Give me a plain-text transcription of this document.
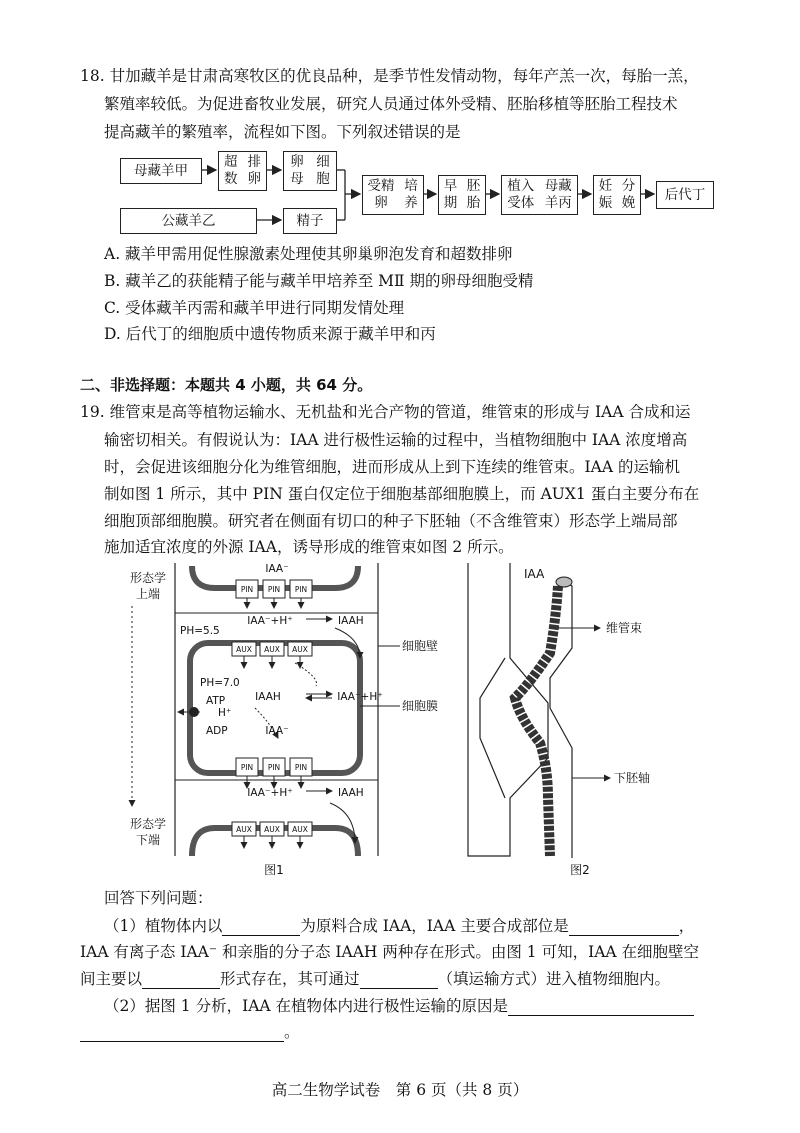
18. 甘加藏羊是甘肃高寒牧区的优良品种，是季节性发情动物，每年产羔一次，每胎一羔，
繁殖率较低。为促进畜牧业发展，研究人员通过体外受精、胚胎移植等胚胎工程技术
提高藏羊的繁殖率，流程如下图。下列叙述错误的是
母藏羊甲
超数

排卵
卵母

细胞
公藏羊乙	精子
受精卵

培养
早期

胚胎
植入受体

母藏羊丙
妊娠

分娩
后代丁
A. 藏羊甲需用促性腺激素处理使其卵巢卵泡发育和超数排卵
B. 藏羊乙的获能精子能与藏羊甲培养至 MⅡ 期的卵母细胞受精
C. 受体藏羊丙需和藏羊甲进行同期发情处理
D. 后代丁的细胞质中遗传物质来源于藏羊甲和丙
二、非选择题：本题共 4 小题，共 64 分。
19. 维管束是高等植物运输水、无机盐和光合产物的管道，维管束的形成与 IAA 合成和运
输密切相关。有假说认为：IAA 进行极性运输的过程中，当植物细胞中 IAA 浓度增高
时，会促进该细胞分化为维管细胞，进而形成从上到下连续的维管束。IAA 的运输机
制如图 1 所示，其中 PIN 蛋白仅定位于细胞基部细胞膜上，而 AUX1 蛋白主要分布在
细胞顶部细胞膜。研究者在侧面有切口的种子下胚轴（不含维管束）形态学上端局部
施加适宜浓度的外源 IAA，诱导形成的维管束如图 2 所示。
PIN PIN PIN
AUX AUX AUX
PIN PIN PIN
AUX AUX AUX
IAA⁻
PH=5.5
IAA⁻+H⁺	IAAH
PH=7.0
IAAH	IAA⁻+H⁺
ATP
H⁺
ADP	IAA⁻
IAA⁻+H⁺	IAAH
形态学
上端
形态学
下端
细胞壁
细胞膜
图1
IAA
维管束
下胚轴
图2
回答下列问题：
（1）植物体内以	为原料合成 IAA，IAA 主要合成部位是	，
IAA 有离子态 IAA⁻ 和亲脂的分子态 IAAH 两种存在形式。由图 1 可知，IAA 在细胞壁空
间主要以	形式存在，其可通过	（填运输方式）进入植物细胞内。
（2）据图 1 分析，IAA 在植物体内进行极性运输的原因是
。
高二生物学试卷　第 6 页（共 8 页）
